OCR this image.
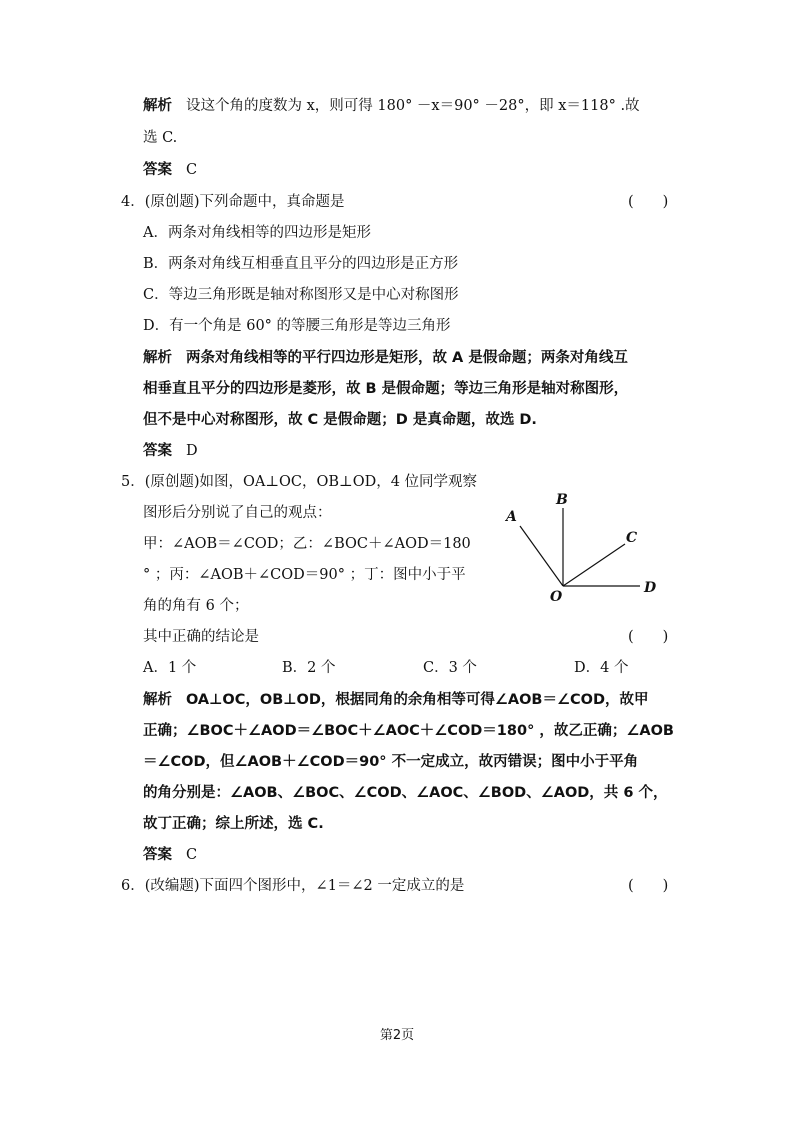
解析 设这个角的度数为 x，则可得 180° －x＝90° －28°，即 x＝118° .故
选 C.
答案 C
4．(原创题)下列命题中，真命题是	(　　)
A．两条对角线相等的四边形是矩形
B．两条对角线互相垂直且平分的四边形是正方形
C．等边三角形既是轴对称图形又是中心对称图形
D．有一个角是 60° 的等腰三角形是等边三角形
解析 两条对角线相等的平行四边形是矩形，故 A 是假命题；两条对角线互
相垂直且平分的四边形是菱形，故 B 是假命题；等边三角形是轴对称图形，
但不是中心对称图形，故 C 是假命题；D 是真命题，故选 D.
答案 D
5．(原创题)如图，OA⊥OC，OB⊥OD，4 位同学观察
图形后分别说了自己的观点：
甲：∠AOB＝∠COD；乙：∠BOC＋∠AOD＝180
° ；丙：∠AOB＋∠COD＝90° ；丁：图中小于平
角的角有 6 个；
A
B
C
D
O
其中正确的结论是	(　　)
A．1 个	B．2 个	C．3 个	D．4 个
解析 OA⊥OC，OB⊥OD，根据同角的余角相等可得∠AOB＝∠COD，故甲
正确；∠BOC＋∠AOD＝∠BOC＋∠AOC＋∠COD＝180° ，故乙正确；∠AOB
＝∠COD，但∠AOB＋∠COD＝90° 不一定成立，故丙错误；图中小于平角
的角分别是：∠AOB、∠BOC、∠COD、∠AOC、∠BOD、∠AOD，共 6 个，
故丁正确；综上所述，选 C.
答案 C
6．(改编题)下面四个图形中，∠1＝∠2 一定成立的是	(　　)
第2页
